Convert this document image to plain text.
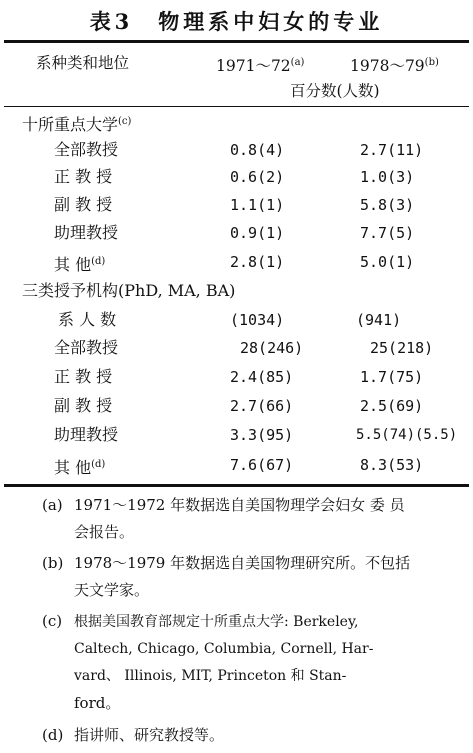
表3　物理系中妇女的专业
系种类和地位	1971～72$^{(a)}$	1978～79$^{(b)}$
百分数(人数)
十所重点大学$^{(c)}$
全部教授	0.8(4)	2.7(11)
正 教 授	0.6(2)	1.0(3)
副 教 授	1.1(1)	5.8(3)
助理教授	0.9(1)	7.7(5)
其 他$^{(d)}$	2.8(1)	5.0(1)
三类授予机构(PhD, MA, BA)
系 人 数	(1034)	(941)
全部教授	28(246)	25(218)
正 教 授	2.4(85)	1.7(75)
副 教 授	2.7(66)	2.5(69)
助理教授	3.3(95)	5.5(74)(5.5)
其 他$^{(d)}$	7.6(67)	8.3(53)
(a) 1971～1972 年数据选自美国物理学会妇女 委 员
会报告。
(b) 1978～1979 年数据选自美国物理研究所。不包括
天文学家。
(c) 根据美国教育部规定十所重点大学: Berkeley,
Caltech, Chicago, Columbia, Cornell, Har-
vard、 Illinois, MIT, Princeton 和 Stan-
ford。
(d) 指讲师、研究教授等。
